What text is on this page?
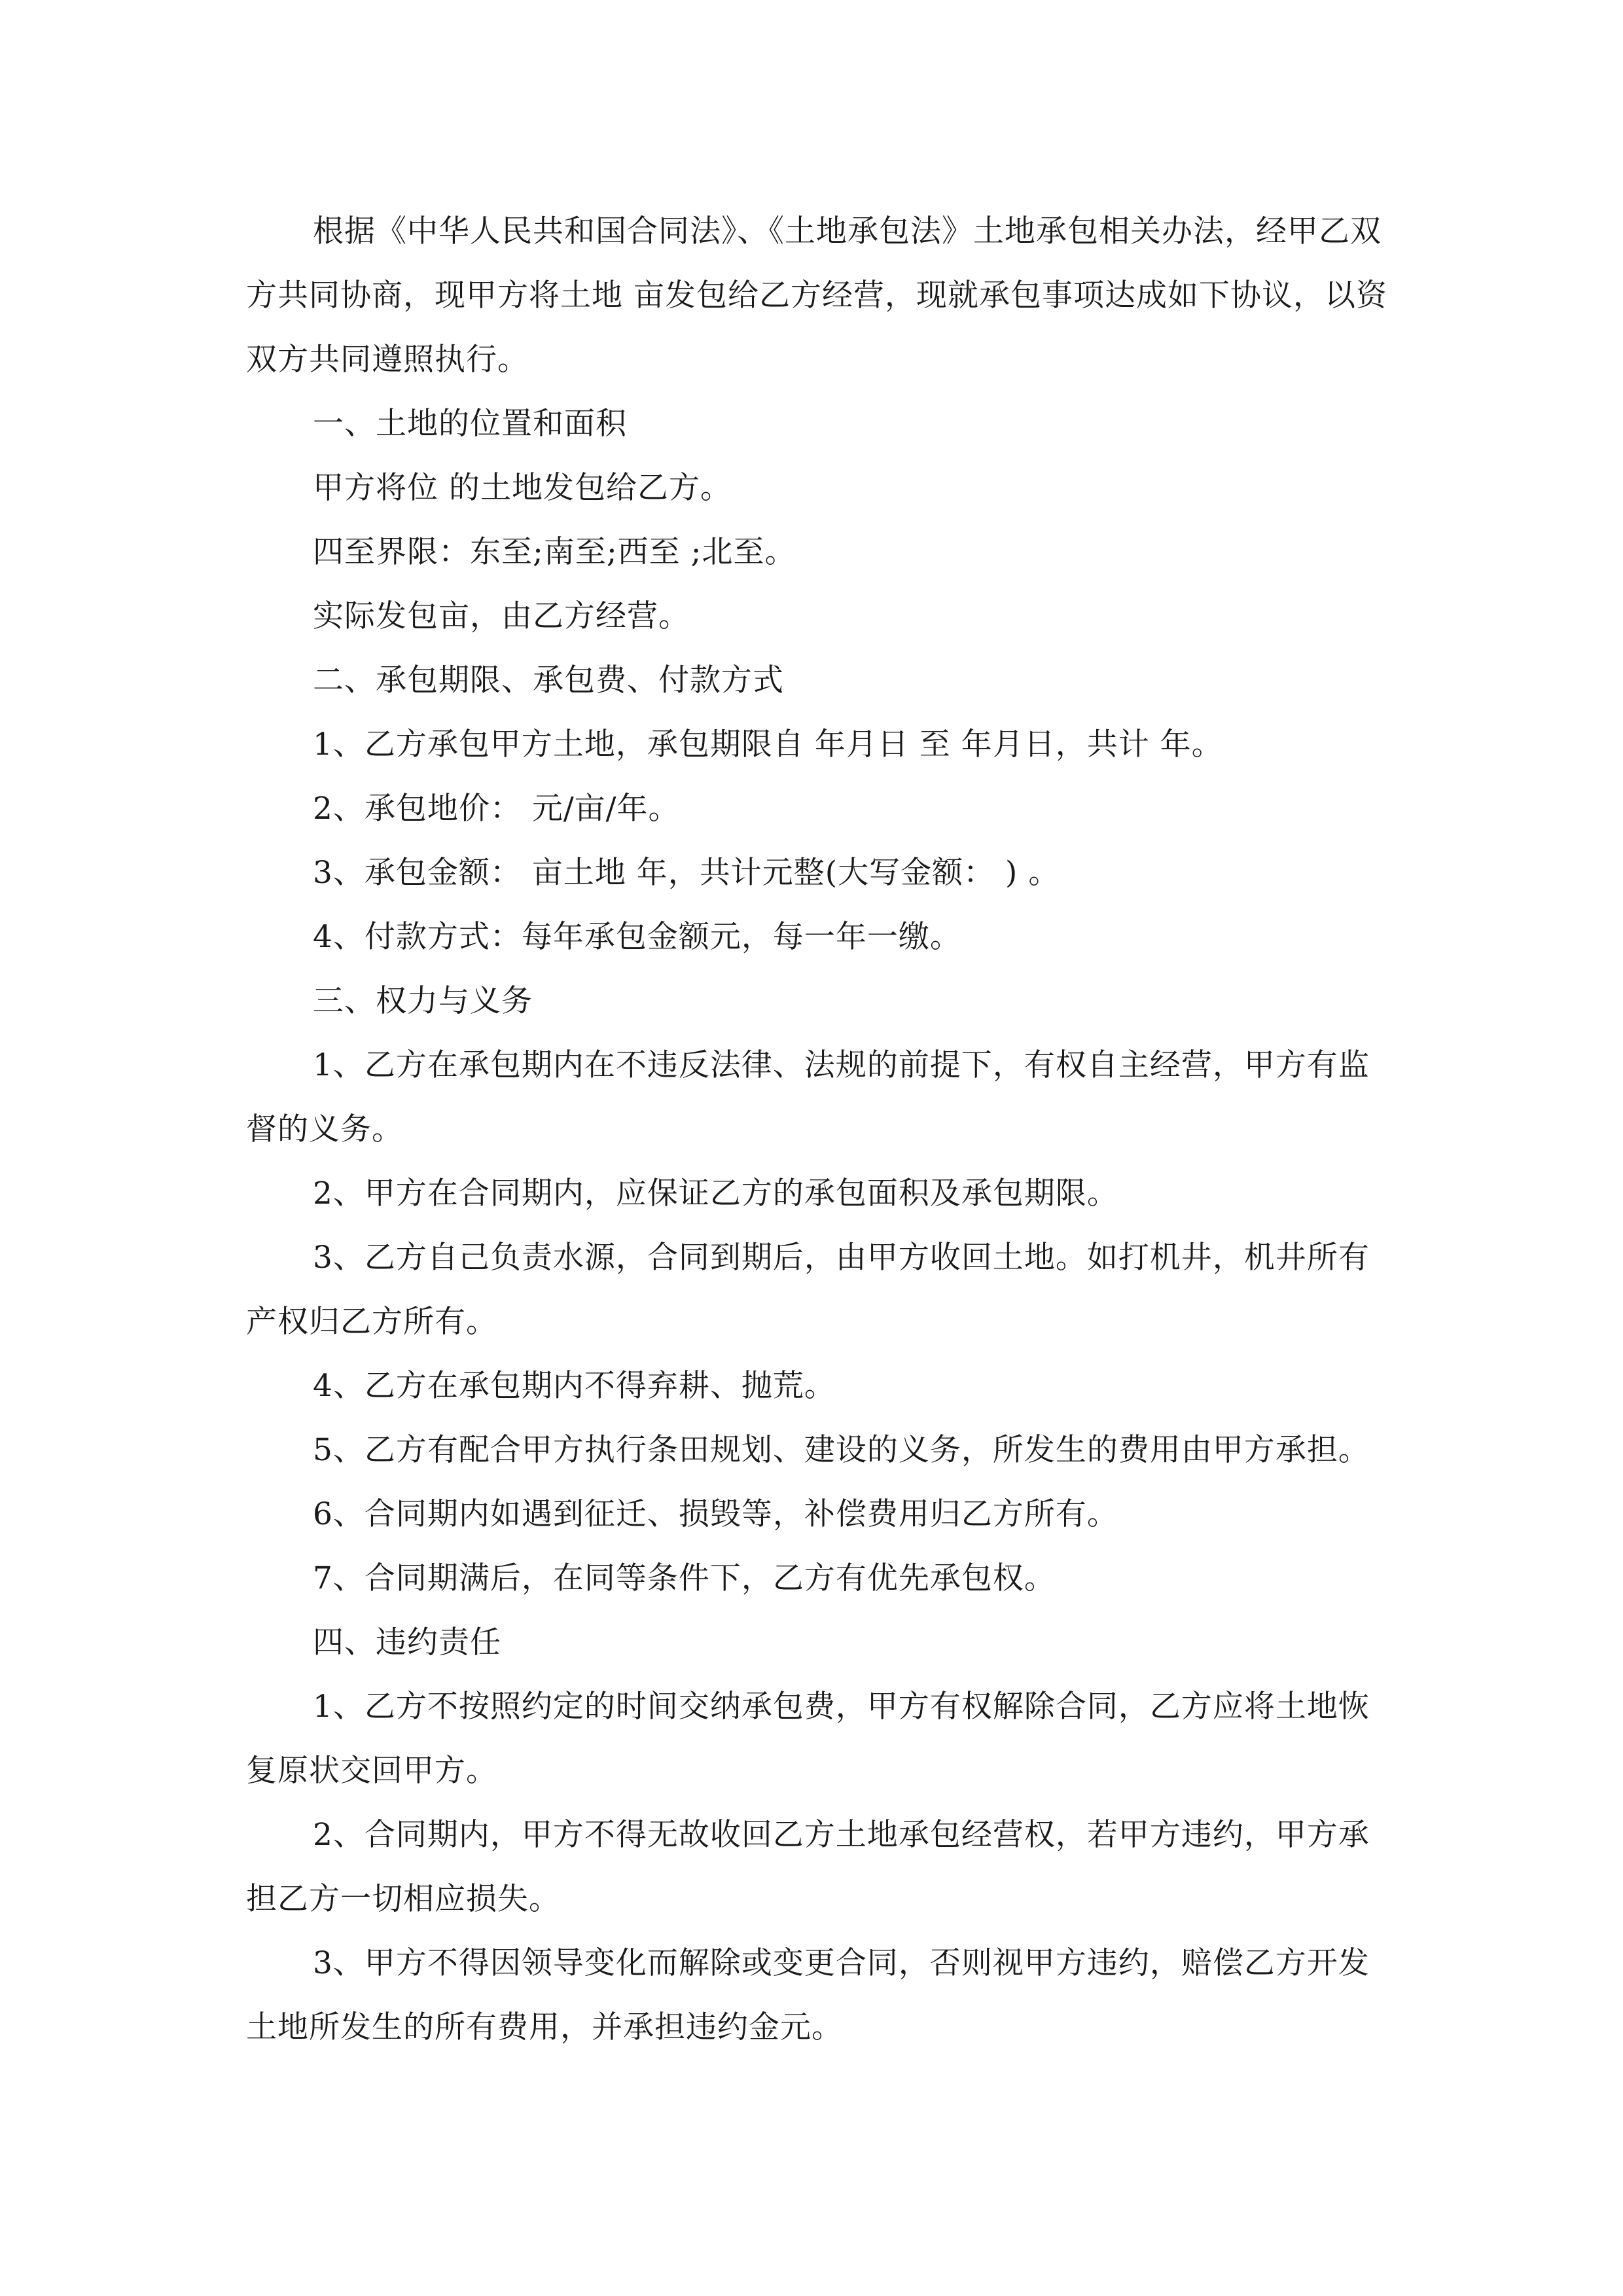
根据《中华人民共和国合同法》、《土地承包法》土地承包相关办法，经甲乙双方共同协商，现甲方将土地 亩发包给乙方经营，现就承包事项达成如下协议，以资双方共同遵照执行。

一、土地的位置和面积

甲方将位 的土地发包给乙方。

四至界限：东至;南至;西至 ;北至。

实际发包亩，由乙方经营。

二、承包期限、承包费、付款方式

1、乙方承包甲方土地，承包期限自 年月日 至 年月日，共计 年。

2、承包地价： 元/亩/年。

3、承包金额： 亩土地 年，共计元整(大写金额： ) 。

4、付款方式：每年承包金额元，每一年一缴。

三、权力与义务

1、乙方在承包期内在不违反法律、法规的前提下，有权自主经营，甲方有监督的义务。

2、甲方在合同期内，应保证乙方的承包面积及承包期限。

3、乙方自己负责水源，合同到期后，由甲方收回土地。如打机井，机井所有产权归乙方所有。

4、乙方在承包期内不得弃耕、抛荒。

5、乙方有配合甲方执行条田规划、建设的义务，所发生的费用由甲方承担。

6、合同期内如遇到征迁、损毁等，补偿费用归乙方所有。

7、合同期满后，在同等条件下，乙方有优先承包权。

四、违约责任

1、乙方不按照约定的时间交纳承包费，甲方有权解除合同，乙方应将土地恢复原状交回甲方。

2、合同期内，甲方不得无故收回乙方土地承包经营权，若甲方违约，甲方承担乙方一切相应损失。

3、甲方不得因领导变化而解除或变更合同，否则视甲方违约，赔偿乙方开发土地所发生的所有费用，并承担违约金元。
